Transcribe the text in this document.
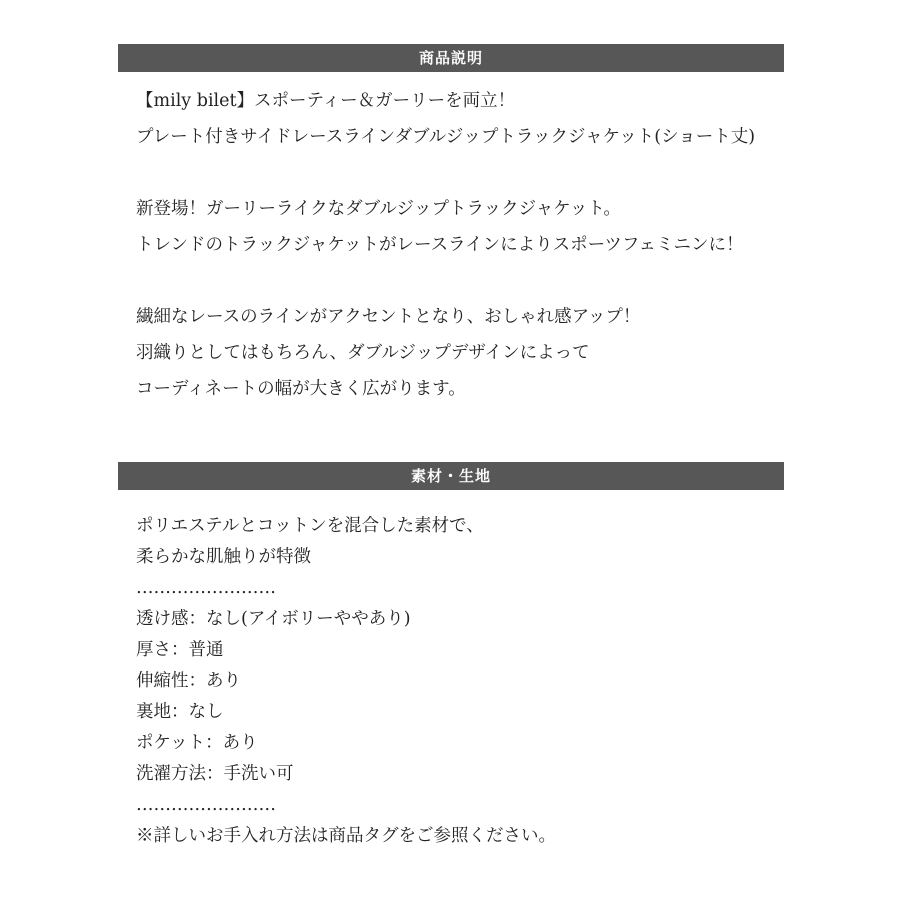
商品説明
【mily bilet】スポーティー＆ガーリーを両立！
プレート付きサイドレースラインダブルジップトラックジャケット(ショート丈)
新登場！ガーリーライクなダブルジップトラックジャケット。
トレンドのトラックジャケットがレースラインによりスポーツフェミニンに！
繊細なレースのラインがアクセントとなり、おしゃれ感アップ！
羽織りとしてはもちろん、ダブルジップデザインによって
コーディネートの幅が大きく広がります。
素材・生地
ポリエステルとコットンを混合した素材で、
柔らかな肌触りが特徴
……………………
透け感：なし(アイボリーややあり)
厚さ：普通
伸縮性：あり
裏地：なし
ポケット：あり
洗濯方法：手洗い可
……………………
※詳しいお手入れ方法は商品タグをご参照ください。
